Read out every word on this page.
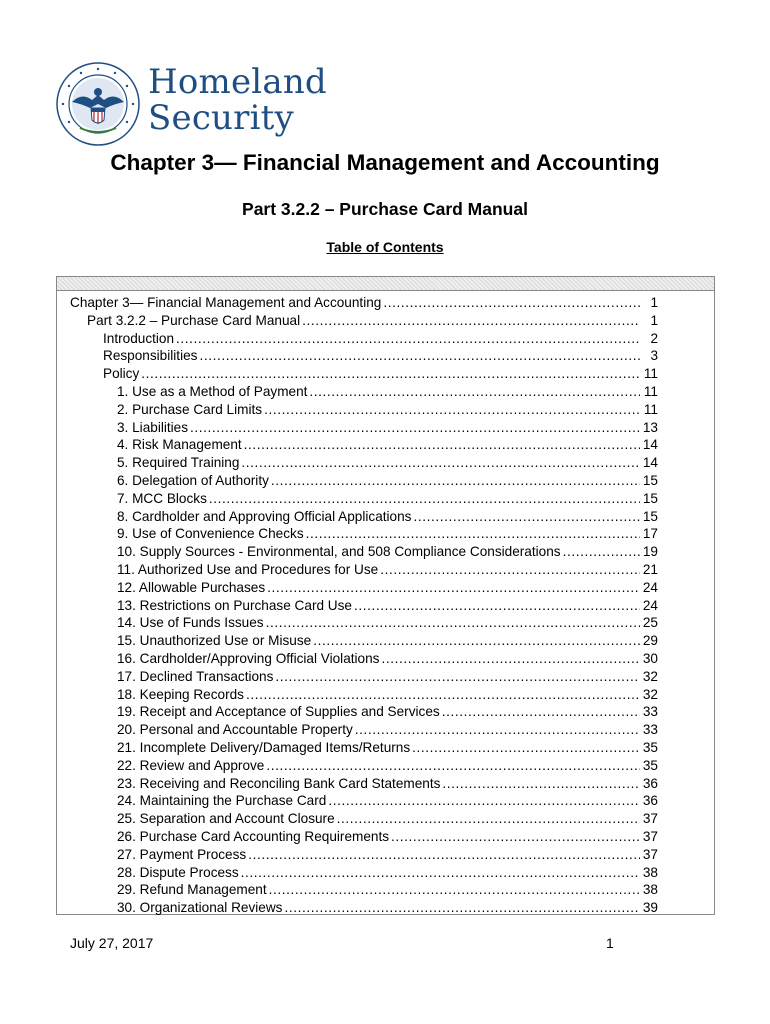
Homeland
Security
Chapter 3— Financial Management and Accounting
Part 3.2.2 – Purchase Card Manual
Table of Contents
Chapter 3— Financial Management and Accounting .....	1
Part 3.2.2 – Purchase Card Manual .....	1
Introduction .....	2
Responsibilities .....	3
Policy .....	11
1. Use as a Method of Payment .....	11
2. Purchase Card Limits .....	11
3. Liabilities .....	13
4. Risk Management .....	14
5. Required Training .....	14
6. Delegation of Authority .....	15
7. MCC Blocks .....	15
8. Cardholder and Approving Official Applications .....	15
9. Use of Convenience Checks .....	17
10. Supply Sources - Environmental, and 508 Compliance Considerations .....	19
11. Authorized Use and Procedures for Use .....	21
12. Allowable Purchases .....	24
13. Restrictions on Purchase Card Use .....	24
14. Use of Funds Issues .....	25
15. Unauthorized Use or Misuse .....	29
16. Cardholder/Approving Official Violations .....	30
17. Declined Transactions .....	32
18. Keeping Records .....	32
19. Receipt and Acceptance of Supplies and Services .....	33
20. Personal and Accountable Property .....	33
21. Incomplete Delivery/Damaged Items/Returns .....	35
22. Review and Approve .....	35
23. Receiving and Reconciling Bank Card Statements .....	36
24. Maintaining the Purchase Card .....	36
25. Separation and Account Closure .....	37
26. Purchase Card Accounting Requirements .....	37
27. Payment Process .....	37
28. Dispute Process .....	38
29. Refund Management .....	38
30. Organizational Reviews .....	39
July 27, 2017	1
